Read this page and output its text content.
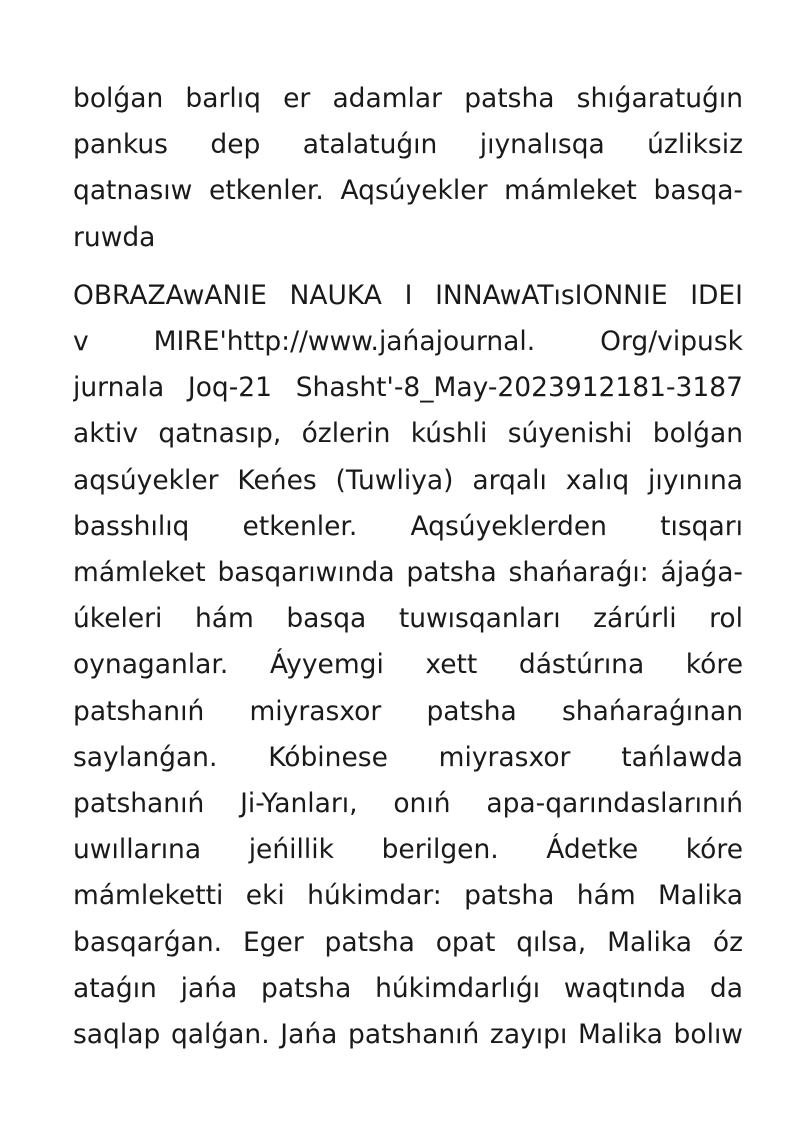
bolǵan barlıq er adamlar patsha shıǵaratuǵın
pankus dep atalatuǵın jıynalısqa úzliksiz
qatnasıw etkenler. Aqsúyekler mámleket basqa-
ruwda

OBRAZAwANIE NAUKA I INNAwATısIONNIE IDEI
v MIRE'http://www.jańajournal. Org/vipusk
jurnala Joq-21 Shasht'-8_May-2023912181-3187
aktiv qatnasıp, ózlerin kúshli súyenishi bolǵan
aqsúyekler Keńes (Tuwliya) arqalı xalıq jıyınına
basshılıq etkenler. Aqsúyeklerden tısqarı
mámleket basqarıwında patsha shańaraǵı: ájaǵa-
úkeleri hám basqa tuwısqanları zárúrli rol
oynaganlar. Áyyemgi xett dástúrına kóre
patshanıń miyrasxor patsha shańaraǵınan
saylanǵan. Kóbinese miyrasxor tańlawda
patshanıń Ji-Yanları, onıń apa-qarındaslarınıń
uwıllarına jeńillik berilgen. Ádetke kóre
mámleketti eki húkimdar: patsha hám Malika
basqarǵan. Eger patsha opat qılsa, Malika óz
ataǵın jańa patsha húkimdarlıǵı waqtında da
saqlap qalǵan. Jańa patshanıń zayıpı Malika bolıw
